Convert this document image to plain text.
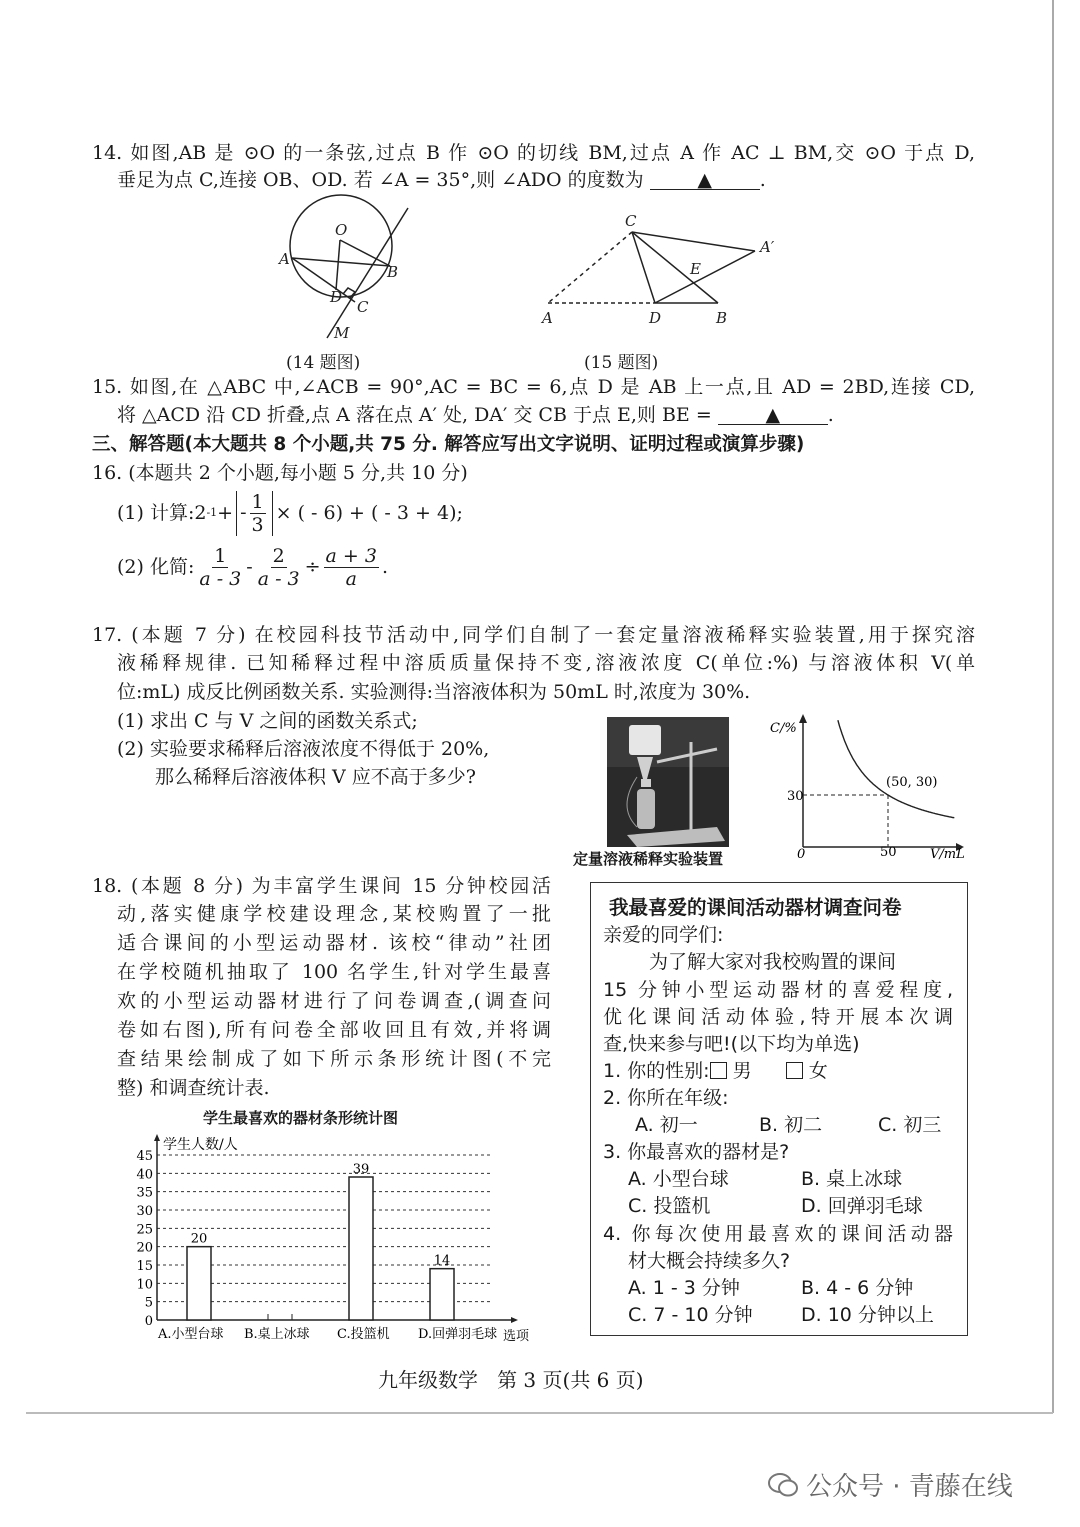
14. 如图,AB 是 ⊙O 的一条弦,过点 B 作 ⊙O 的切线 BM,过点 A 作 AC ⊥ BM,交 ⊙O 于点 D,
垂足为点 C,连接 OB、OD. 若 ∠A = 35°,则 ∠ADO 的度数为	▲	.
O
A
B
D
C
M
(14 题图)
C
A′
E
A	D	B
(15 题图)
15. 如图,在 △ABC 中,∠ACB = 90°,AC = BC = 6,点 D 是 AB 上一点,且 AD = 2BD,连接 CD,
将 △ACD 沿 CD 折叠,点 A 落在点 A′ 处, DA′ 交 CB 于点 E,则 BE =	▲	.
三、解答题(本大题共 8 个小题,共 75 分. 解答应写出文字说明、证明过程或演算步骤)
16. (本题共 2 个小题,每小题 5 分,共 10 分)
(1) 计算: 2 -1 + - $\frac{1}{3}$ × ( - 6) + ( - 3 + 4);
(2) 化简: $\frac{1}{a - 3} - \frac{2}{a - 3} \div \frac{a + 3}{a}$ .
17. (本题 7 分) 在校园科技节活动中,同学们自制了一套定量溶液稀释实验装置,用于探究溶
液稀释规律. 已知稀释过程中溶质质量保持不变,溶液浓度 C(单位:%) 与溶液体积 V(单
位:mL) 成反比例函数关系. 实验测得:当溶液体积为 50mL 时,浓度为 30%.
(1) 求出 C 与 V 之间的函数关系式;
(2) 实验要求稀释后溶液浓度不得低于 20%,
那么稀释后溶液体积 V 应不高于多少?
定量溶液稀释实验装置
C/%
V/mL
0
30
50
(50, 30)
18. (本题 8 分) 为丰富学生课间 15 分钟校园活
动,落实健康学校建设理念,某校购置了一批
适合课间的小型运动器材. 该校“律动”社团
在学校随机抽取了 100 名学生,针对学生最喜
欢的小型运动器材进行了问卷调查,(调查问
卷如右图),所有问卷全部收回且有效,并将调
查结果绘制成了如下所示条形统计图(不完
整) 和调查统计表.
学生最喜欢的器材条形统计图
0
5
10
15
20
25
30
35
40
45
学生人数/人
选项
20
A.小型台球 B.桌上冰球
39
C.投篮机
14
D.回弹羽毛球
我最喜爱的课间活动器材调查问卷
亲爱的同学们:
为了解大家对我校购置的课间
15 分钟小型运动器材的喜爱程度,
优化课间活动体验,特开展本次调
查,快来参与吧!(以下均为单选)
1. 你的性别: 男	女
2. 你所在年级:
A. 初一	B. 初二	C. 初三
3. 你最喜欢的器材是?
A. 小型台球	B. 桌上冰球
C. 投篮机	D. 回弹羽毛球
4. 你每次使用最喜欢的课间活动器
材大概会持续多久?
A. 1 - 3 分钟	B. 4 - 6 分钟
C. 7 - 10 分钟	D. 10 分钟以上
九年级数学   第 3 页(共 6 页)
公众号 · 青藤在线
